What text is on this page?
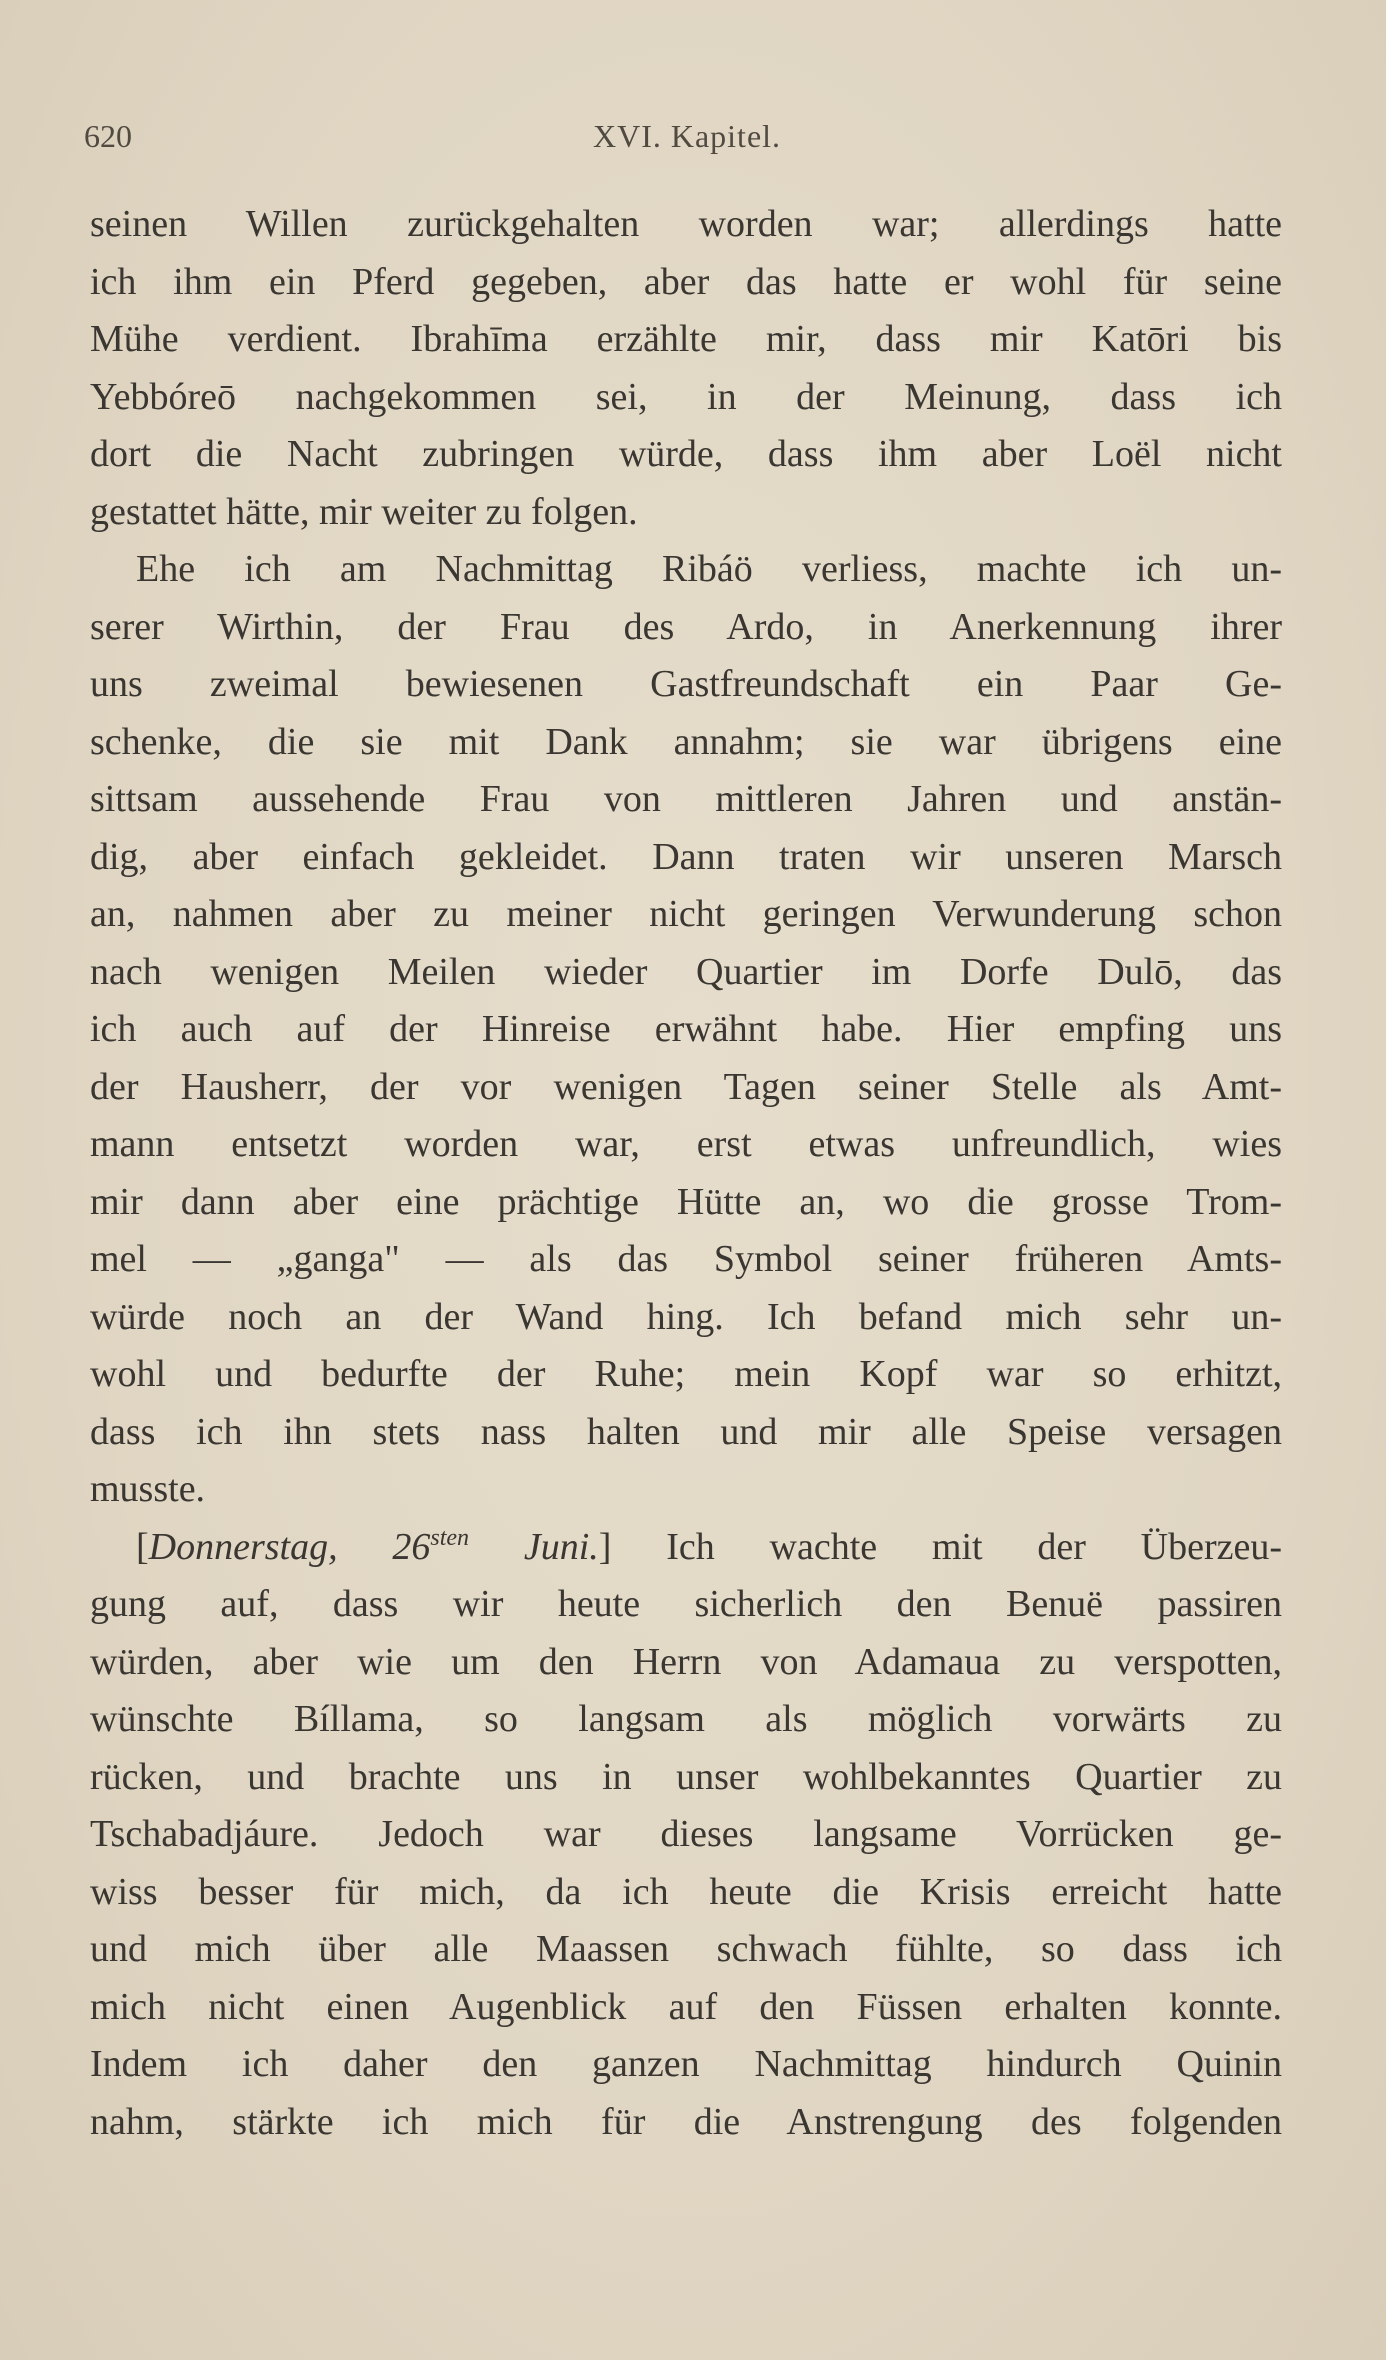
620	XVI. Kapitel.
seinen Willen zurückgehalten worden war; allerdings hatte
ich ihm ein Pferd gegeben, aber das hatte er wohl für seine
Mühe verdient. Ibrahīma erzählte mir, dass mir Katōri bis
Yebbóreō nachgekommen sei, in der Meinung, dass ich
dort die Nacht zubringen würde, dass ihm aber Loël nicht
gestattet hätte, mir weiter zu folgen.
Ehe ich am Nachmittag Ribáö verliess, machte ich un-
serer Wirthin, der Frau des Ardo, in Anerkennung ihrer
uns zweimal bewiesenen Gastfreundschaft ein Paar Ge-
schenke, die sie mit Dank annahm; sie war übrigens eine
sittsam aussehende Frau von mittleren Jahren und anstän-
dig, aber einfach gekleidet. Dann traten wir unseren Marsch
an, nahmen aber zu meiner nicht geringen Verwunderung schon
nach wenigen Meilen wieder Quartier im Dorfe Dulō, das
ich auch auf der Hinreise erwähnt habe. Hier empfing uns
der Hausherr, der vor wenigen Tagen seiner Stelle als Amt-
mann entsetzt worden war, erst etwas unfreundlich, wies
mir dann aber eine prächtige Hütte an, wo die grosse Trom-
mel — „ganga" — als das Symbol seiner früheren Amts-
würde noch an der Wand hing. Ich befand mich sehr un-
wohl und bedurfte der Ruhe; mein Kopf war so erhitzt,
dass ich ihn stets nass halten und mir alle Speise versagen
musste.
[Donnerstag, $26^{sten}$ Juni.] Ich wachte mit der Überzeu-
gung auf, dass wir heute sicherlich den Benuë passiren
würden, aber wie um den Herrn von Adamaua zu verspotten,
wünschte Bíllama, so langsam als möglich vorwärts zu
rücken, und brachte uns in unser wohlbekanntes Quartier zu
Tschabadjáure. Jedoch war dieses langsame Vorrücken ge-
wiss besser für mich, da ich heute die Krisis erreicht hatte
und mich über alle Maassen schwach fühlte, so dass ich
mich nicht einen Augenblick auf den Füssen erhalten konnte.
Indem ich daher den ganzen Nachmittag hindurch Quinin
nahm, stärkte ich mich für die Anstrengung des folgenden
